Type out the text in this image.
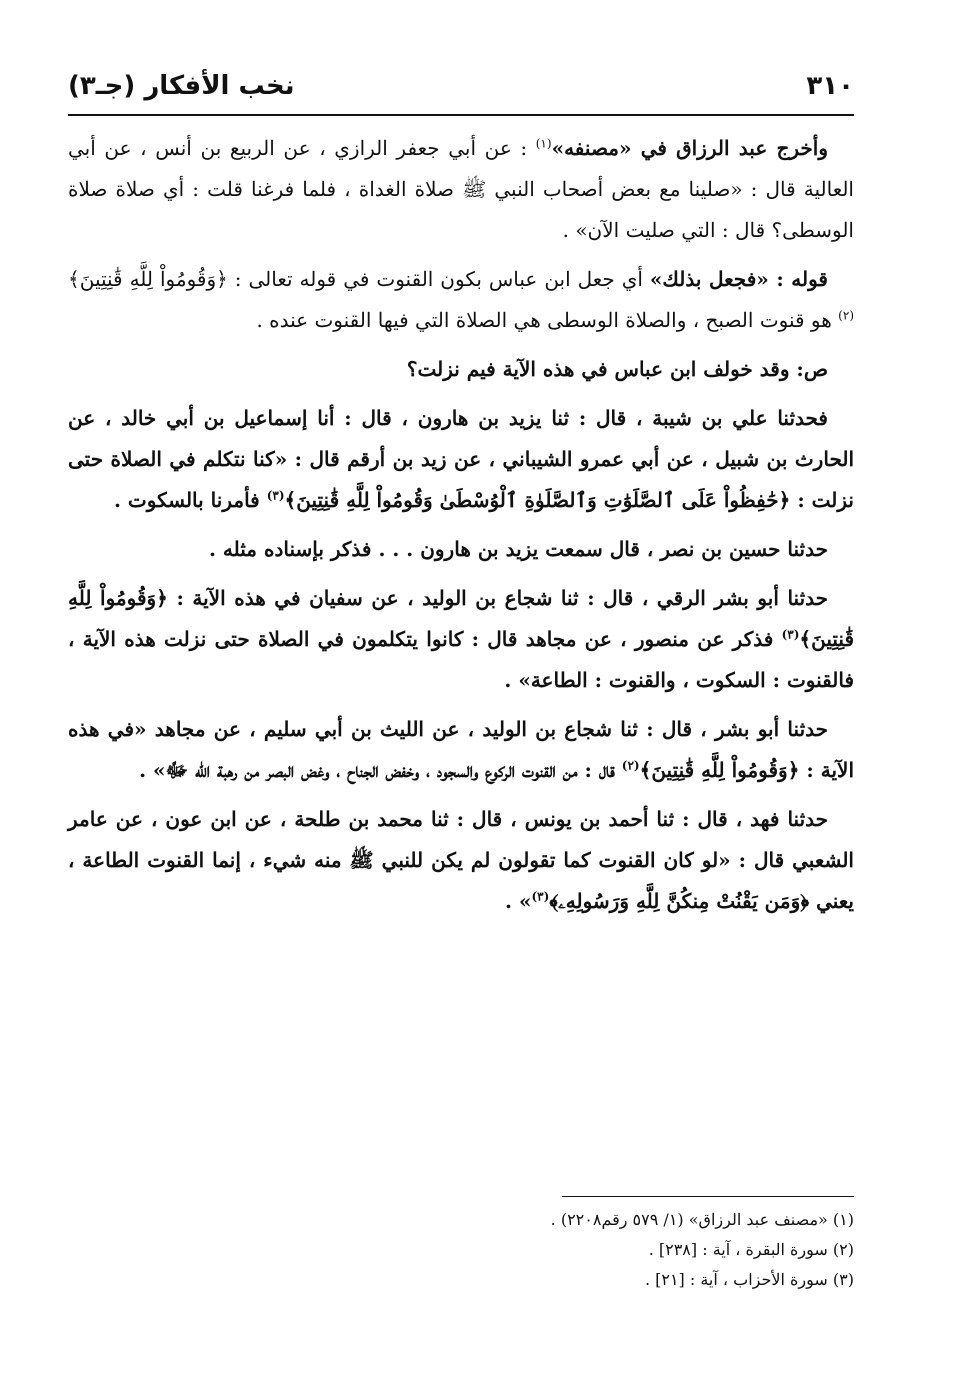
٣١٠
نخب الأفكار (جـ٣)

وأخرج عبد الرزاق في «مصنفه»$^{(١)}$ : عن أبي جعفر الرازي ، عن الربيع بن أنس ، عن أبي العالية قال : «صلينا مع بعض أصحاب النبي ﷺ صلاة الغداة ، فلما فرغنا قلت : أي صلاة صلاة الوسطى؟ قال : التي صليت الآن» .

قوله : «فجعل بذلك» أي جعل ابن عباس بكون القنوت في قوله تعالى : ﴿وَقُومُواْ لِلَّهِ قَٰنِتِينَ﴾$^{(٢)}$ هو قنوت الصبح ، والصلاة الوسطى هي الصلاة التي فيها القنوت عنده .

ص: وقد خولف ابن عباس في هذه الآية فيم نزلت؟

فحدثنا علي بن شيبة ، قال : ثنا يزيد بن هارون ، قال : أنا إسماعيل بن أبي خالد ، عن الحارث بن شبيل ، عن أبي عمرو الشيباني ، عن زيد بن أرقم قال : «كنا نتكلم في الصلاة حتى نزلت : ﴿حَٰفِظُواْ عَلَى ٱلصَّلَوَٰتِ وَٱلصَّلَوٰةِ ٱلْوُسْطَىٰ وَقُومُواْ لِلَّهِ قَٰنِتِينَ﴾$^{(٣)}$ فأمرنا بالسكوت .

حدثنا حسين بن نصر ، قال سمعت يزيد بن هارون . . . فذكر بإسناده مثله .

حدثنا أبو بشر الرقي ، قال : ثنا شجاع بن الوليد ، عن سفيان في هذه الآية : ﴿وَقُومُواْ لِلَّهِ قَٰنِتِينَ﴾$^{(٣)}$ فذكر عن منصور ، عن مجاهد قال : كانوا يتكلمون في الصلاة حتى نزلت هذه الآية ، فالقنوت : السكوت ، والقنوت : الطاعة» .

حدثنا أبو بشر ، قال : ثنا شجاع بن الوليد ، عن الليث بن أبي سليم ، عن مجاهد «في هذه الآية : ﴿وَقُومُواْ لِلَّهِ قَٰنِتِينَ﴾$^{(٢)}$ قال : من القنوت الركوع والسجود ، وخفض الجناح ، وغض البصر من رهبة الله ﷻ» .

حدثنا فهد ، قال : ثنا أحمد بن يونس ، قال : ثنا محمد بن طلحة ، عن ابن عون ، عن عامر الشعبي قال : «لو كان القنوت كما تقولون لم يكن للنبي ﷺ منه شيء ، إنما القنوت الطاعة ، يعني ﴿وَمَن يَقْنُتْ مِنكُنَّ لِلَّهِ وَرَسُولِهِۦ﴾$^{(٣)}$» .

(١) «مصنف عبد الرزاق» (١/ ٥٧٩ رقم٢٢٠٨) .
(٢) سورة البقرة ، آية : [٢٣٨] .
(٣) سورة الأحزاب ، آية : [٢١] .
